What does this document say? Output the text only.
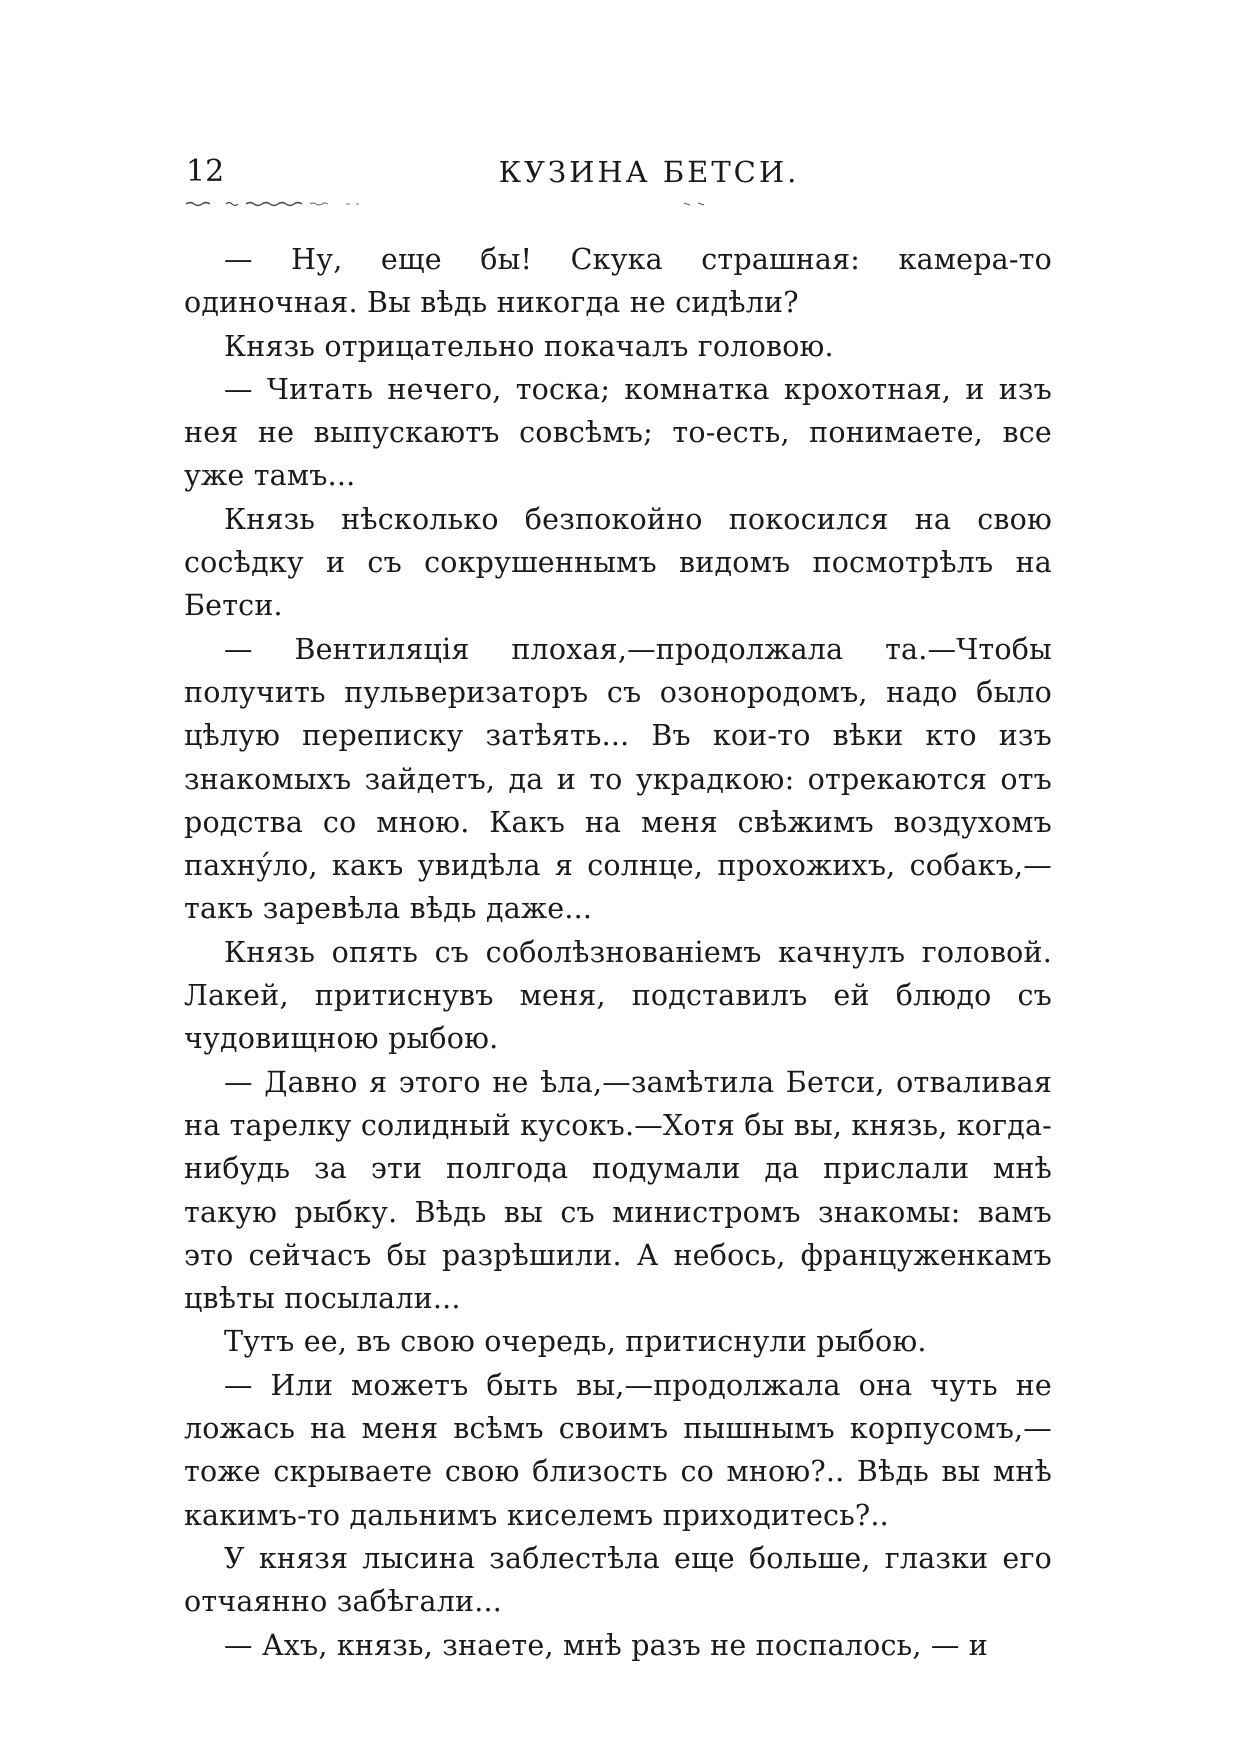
12	КУЗИНА БЕТСИ.

— Ну, еще бы! Скука страшная: камера-то одиночная. Вы вѣдь никогда не сидѣли?

Князь отрицательно покачалъ головою.

— Читать нечего, тоска; комнатка крохотная, и изъ нея не выпускаютъ совсѣмъ; то-есть, понимаете, все уже тамъ...

Князь нѣсколько безпокойно покосился на свою сосѣдку и съ сокрушеннымъ видомъ посмотрѣлъ на Бетси.

— Вентиляція плохая,—продолжала та.—Чтобы получить пульверизаторъ съ озонородомъ, надо было цѣлую переписку затѣять... Въ кои-то вѣки кто изъ знакомыхъ зайдетъ, да и то украдкою: отрекаются отъ родства со мною. Какъ на меня свѣжимъ воздухомъ пахну́ло, какъ увидѣла я солнце, прохожихъ, собакъ,—такъ заревѣла вѣдь даже...

Князь опять съ соболѣзнованіемъ качнулъ головой. Лакей, притиснувъ меня, подставилъ ей блюдо съ чудовищною рыбою.

— Давно я этого не ѣла,—замѣтила Бетси, отваливая на тарелку солидный кусокъ.—Хотя бы вы, князь, когда-нибудь за эти полгода подумали да прислали мнѣ такую рыбку. Вѣдь вы съ министромъ знакомы: вамъ это сейчасъ бы разрѣшили. А небось, француженкамъ цвѣты посылали...

Тутъ ее, въ свою очередь, притиснули рыбою.

— Или можетъ быть вы,—продолжала она чуть не ложась на меня всѣмъ своимъ пышнымъ корпусомъ,—тоже скрываете свою близость со мною?.. Вѣдь вы мнѣ какимъ-то дальнимъ киселемъ приходитесь?..

У князя лысина заблестѣла еще больше, глазки его отчаянно забѣгали...

— Ахъ, князь, знаете, мнѣ разъ не поспалось, — и
